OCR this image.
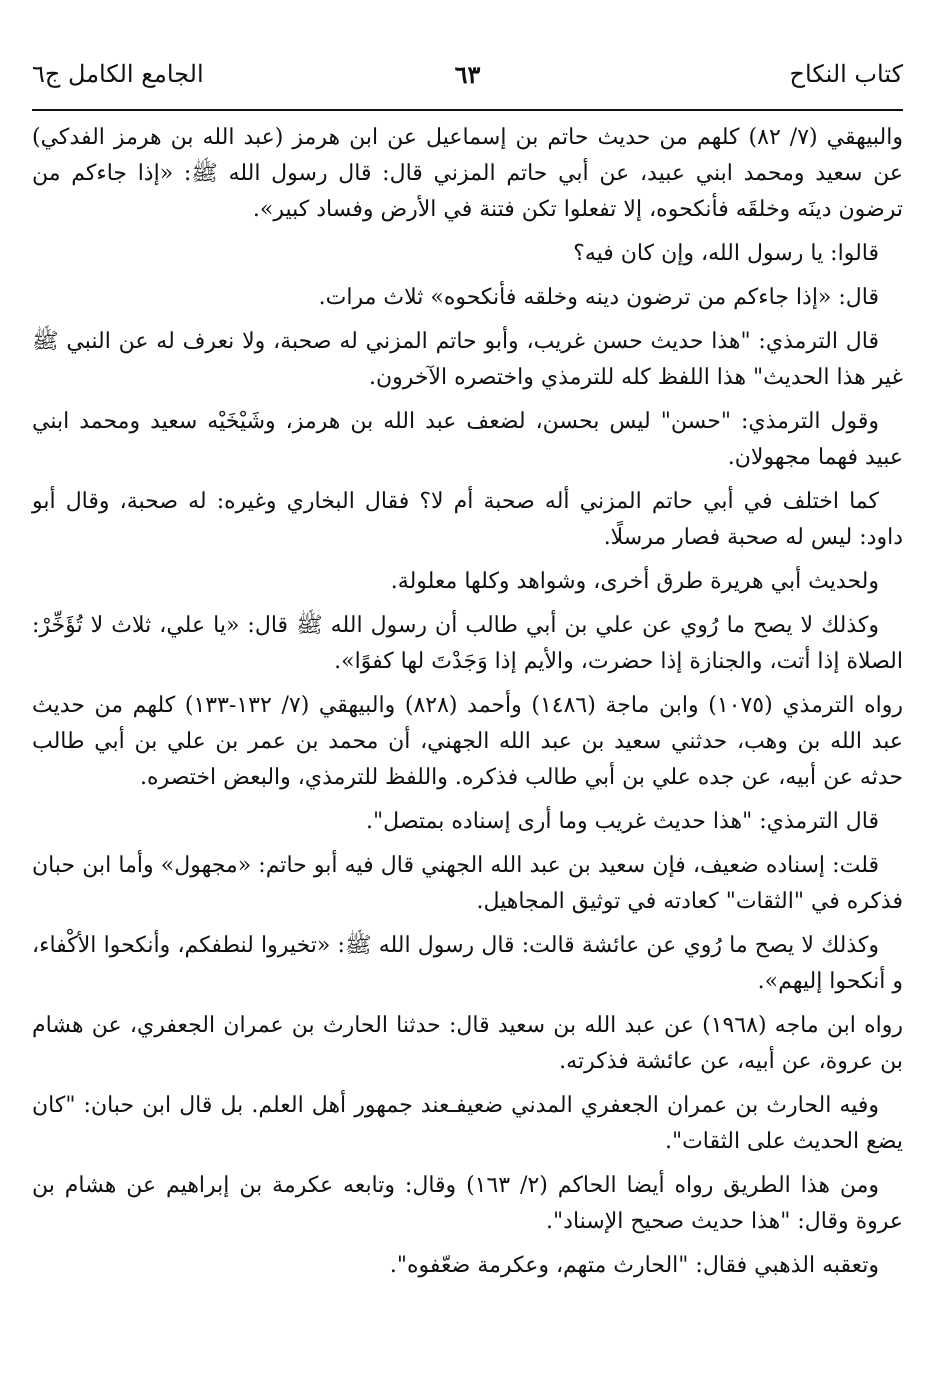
كتاب النكاح
٦٣
الجامع الكامل ج٦

والبيهقي (٧/ ٨٢) كلهم من حديث حاتم بن إسماعيل عن ابن هرمز (عبد الله بن هرمز الفدكي) عن سعيد ومحمد ابني عبيد، عن أبي حاتم المزني قال: قال رسول الله ﷺ: «إذا جاءكم من ترضون دينَه وخلقَه فأنكحوه، إلا تفعلوا تكن فتنة في الأرض وفساد كبير».

قالوا: يا رسول الله، وإن كان فيه؟

قال: «إذا جاءكم من ترضون دينه وخلقه فأنكحوه» ثلاث مرات.

قال الترمذي: "هذا حديث حسن غريب، وأبو حاتم المزني له صحبة، ولا نعرف له عن النبي ﷺ غير هذا الحديث" هذا اللفظ كله للترمذي واختصره الآخرون.

وقول الترمذي: "حسن" ليس بحسن، لضعف عبد الله بن هرمز، وشَيْخَيْه سعيد ومحمد ابني عبيد فهما مجهولان.

كما اختلف في أبي حاتم المزني أله صحبة أم لا؟ فقال البخاري وغيره: له صحبة، وقال أبو داود: ليس له صحبة فصار مرسلًا.

ولحديث أبي هريرة طرق أخرى، وشواهد وكلها معلولة.

وكذلك لا يصح ما رُوي عن علي بن أبي طالب أن رسول الله ﷺ قال: «يا علي، ثلاث لا تُؤَخِّرْ: الصلاة إذا أتت، والجنازة إذا حضرت، والأيم إذا وَجَدْتَ لها كفوًا».

رواه الترمذي (١٠٧٥) وابن ماجة (١٤٨٦) وأحمد (٨٢٨) والبيهقي (٧/ ١٣٢-١٣٣) كلهم من حديث عبد الله بن وهب، حدثني سعيد بن عبد الله الجهني، أن محمد بن عمر بن علي بن أبي طالب حدثه عن أبيه، عن جده علي بن أبي طالب فذكره. واللفظ للترمذي، والبعض اختصره.

قال الترمذي: "هذا حديث غريب وما أرى إسناده بمتصل".

قلت: إسناده ضعيف، فإن سعيد بن عبد الله الجهني قال فيه أبو حاتم: «مجهول» وأما ابن حبان فذكره في "الثقات" كعادته في توثيق المجاهيل.

وكذلك لا يصح ما رُوي عن عائشة قالت: قال رسول الله ﷺ: «تخيروا لنطفكم، وأنكحوا الأكْفاء، و أنكحوا إليهم».

رواه ابن ماجه (١٩٦٨) عن عبد الله بن سعيد قال: حدثنا الحارث بن عمران الجعفري، عن هشام بن عروة، عن أبيه، عن عائشة فذكرته.

وفيه الحارث بن عمران الجعفري المدني ضعيفـعند جمهور أهل العلم. بل قال ابن حبان: "كان يضع الحديث على الثقات".

ومن هذا الطريق رواه أيضا الحاكم (٢/ ١٦٣) وقال: وتابعه عكرمة بن إبراهيم عن هشام بن عروة وقال: "هذا حديث صحيح الإسناد".

وتعقبه الذهبي فقال: "الحارث متهم، وعكرمة ضعّفوه".
